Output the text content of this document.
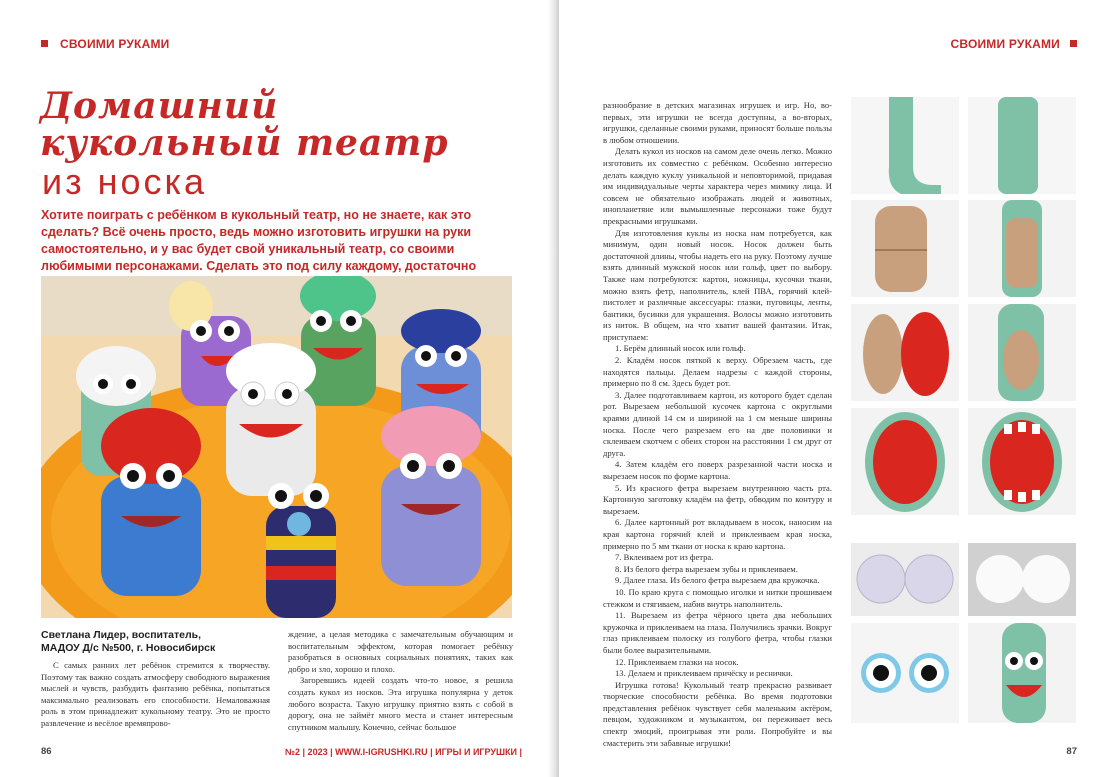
СВОИМИ РУКАМИ
Домашний
кукольный театр
из носка
Хотите поиграть с ребёнком в кукольный театр, но не знаете, как это сделать? Всё очень просто, ведь можно изготовить игрушки на руки самостоятельно, и у вас будет свой уникальный театр, со своими любимыми персонажами. Сделать это под силу каждому, достаточно
Светлана Лидер, воспитатель,
МАДОУ Д/с №500, г. Новосибирск

С самых ранних лет ребёнок стремится к творчеству. Поэтому так важно создать атмосферу свободного выражения мыслей и чувств, разбудить фантазию ребёнка, попытаться максимально реализовать его способности. Немаловажная роль в этом принадлежит кукольному театру. Это не просто развлечение и весёлое времяпрово-

ждение, а целая методика с замечательным обучающим и воспитательным эффектом, которая помогает ребёнку разобраться в основных социальных понятиях, таких как добро и зло, хорошо и плохо.

Загоревшись идеей создать что-то новое, я решила создать кукол из носков. Эта игрушка популярна у деток любого возраста. Такую игрушку приятно взять с собой в дорогу, она не займёт много места и станет интересным спутником малышу. Конечно, сейчас большое

86	№2 | 2023 | WWW.I-IGRUSHKI.RU | ИГРЫ И ИГРУШКИ |
СВОИМИ РУКАМИ

разнообразие в детских магазинах игрушек и игр. Но, во-первых, эти игрушки не всегда доступны, а во-вторых, игрушки, сделанные своими руками, приносят больше пользы в любом отношении.

Делать кукол из носков на самом деле очень легко. Можно изготовить их совместно с ребёнком. Особенно интересно делать каждую куклу уникальной и неповторимой, придавая им индивидуальные черты характера через мимику лица. И совсем не обязательно изображать людей и животных, инопланетяне или вымышленные персонажи тоже будут прекрасными игрушками.

Для изготовления куклы из носка нам потребуется, как минимум, один новый носок. Носок должен быть достаточной длины, чтобы надеть его на руку. Поэтому лучше взять длинный мужской носок или гольф, цвет по выбору. Также нам потребуются: картон, ножницы, кусочки ткани, можно взять фетр, наполнитель, клей ПВА, горячий клей-пистолет и различные аксессуары: глазки, пуговицы, ленты, бантики, бусинки для украшения. Волосы можно изготовить из ниток. В общем, на что хватит вашей фантазии. Итак, приступаем:

1. Берём длинный носок или гольф.

2. Кладём носок пяткой к верху. Обрезаем часть, где находятся пальцы. Делаем надрезы с каждой стороны, примерно по 8 см. Здесь будет рот.

3. Далее подготавливаем картон, из которого будет сделан рот. Вырезаем небольшой кусочек картона с округлыми краями длиной 14 см и шириной на 1 см меньше ширины носка. После чего разрезаем его на две половинки и склеиваем скотчем с обеих сторон на расстоянии 1 см друг от друга.

4. Затем кладём его поверх разрезанной части носка и вырезаем носок по форме картона.

5. Из красного фетра вырезаем внутреннюю часть рта. Картонную заготовку кладём на фетр, обводим по контуру и вырезаем.

6. Далее картонный рот вкладываем в носок, наносим на края картона горячий клей и приклеиваем края носка, примерно по 5 мм ткани от носка к краю картона.

7. Вклеиваем рот из фетра.

8. Из белого фетра вырезаем зубы и приклеиваем.

9. Далее глаза. Из белого фетра вырезаем два кружочка.

10. По краю круга с помощью иголки и нитки прошиваем стежком и стягиваем, набив внутрь наполнитель.

11. Вырезаем из фетра чёрного цвета два небольших кружочка и приклеиваем на глаза. Получились зрачки. Вокруг глаз приклеиваем полоску из голубого фетра, чтобы глазки были более выразительными.

12. Приклеиваем глазки на носок.

13. Делаем и приклеиваем причёску и реснички.

Игрушка готова! Кукольный театр прекрасно развивает творческие способности ребёнка. Во время подготовки представления ребёнок чувствует себя маленьким актёром, певцом, художником и музыкантом, он переживает весь спектр эмоций, проигрывая эти роли. Попробуйте и вы смастерить эти забавные игрушки!

87
